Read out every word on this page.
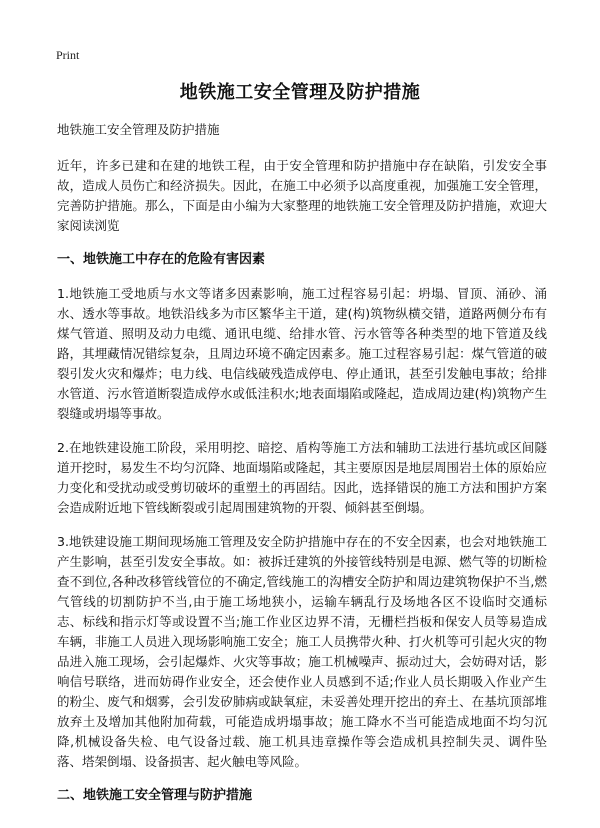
Print
地铁施工安全管理及防护措施
地铁施工安全管理及防护措施

近年，许多已建和在建的地铁工程，由于安全管理和防护措施中存在缺陷，引发安全事故，造成人员伤亡和经济损失。因此，在施工中必须予以高度重视，加强施工安全管理，完善防护措施。那么，下面是由小编为大家整理的地铁施工安全管理及防护措施，欢迎大家阅读浏览

一、地铁施工中存在的危险有害因素

1.地铁施工受地质与水文等诸多因素影响，施工过程容易引起：坍塌、冒顶、涌砂、涌水、透水等事故。地铁沿线多为市区繁华主干道，建(构)筑物纵横交错，道路两侧分布有煤气管道、照明及动力电缆、通讯电缆、给排水管、污水管等各种类型的地下管道及线路，其埋藏情况错综复杂，且周边环境不确定因素多。施工过程容易引起：煤气管道的破裂引发火灾和爆炸；电力线、电信线破残造成停电、停止通讯，甚至引发触电事故；给排水管道、污水管道断裂造成停水或低洼积水;地表面塌陷或隆起，造成周边建(构)筑物产生裂缝或坍塌等事故。

2.在地铁建设施工阶段，采用明挖、暗挖、盾构等施工方法和辅助工法进行基坑或区间隧道开挖时，易发生不均匀沉降、地面塌陷或隆起，其主要原因是地层周围岩土体的原始应力变化和受扰动或受剪切破坏的重塑土的再固结。因此，选择错误的施工方法和围护方案会造成附近地下管线断裂或引起周围建筑物的开裂、倾斜甚至倒塌。

3.地铁建设施工期间现场施工管理及安全防护措施中存在的不安全因素，也会对地铁施工产生影响，甚至引发安全事故。如：被拆迁建筑的外接管线特别是电源、燃气等的切断检查不到位,各种改移管线管位的不确定,管线施工的沟槽安全防护和周边建筑物保护不当,燃气管线的切割防护不当,由于施工场地狭小，运输车辆乱行及场地各区不设临时交通标志、标线和指示灯等或设置不当;施工作业区边界不清，无栅栏挡板和保安人员等易造成车辆，非施工人员进入现场影响施工安全；施工人员携带火种、打火机等可引起火灾的物品进入施工现场，会引起爆炸、火灾等事故；施工机械噪声、振动过大，会妨碍对话，影响信号联络，进而妨碍作业安全，还会使作业人员感到不适;作业人员长期吸入作业产生的粉尘、废气和烟雾，会引发矽肺病或缺氧症，未妥善处理开挖出的弃土、在基坑顶部堆放弃土及增加其他附加荷载，可能造成坍塌事故；施工降水不当可能造成地面不均匀沉降,机械设备失检、电气设备过载、施工机具违章操作等会造成机具控制失灵、调件坠落、塔架倒塌、设备损害、起火触电等风险。

二、地铁施工安全管理与防护措施
